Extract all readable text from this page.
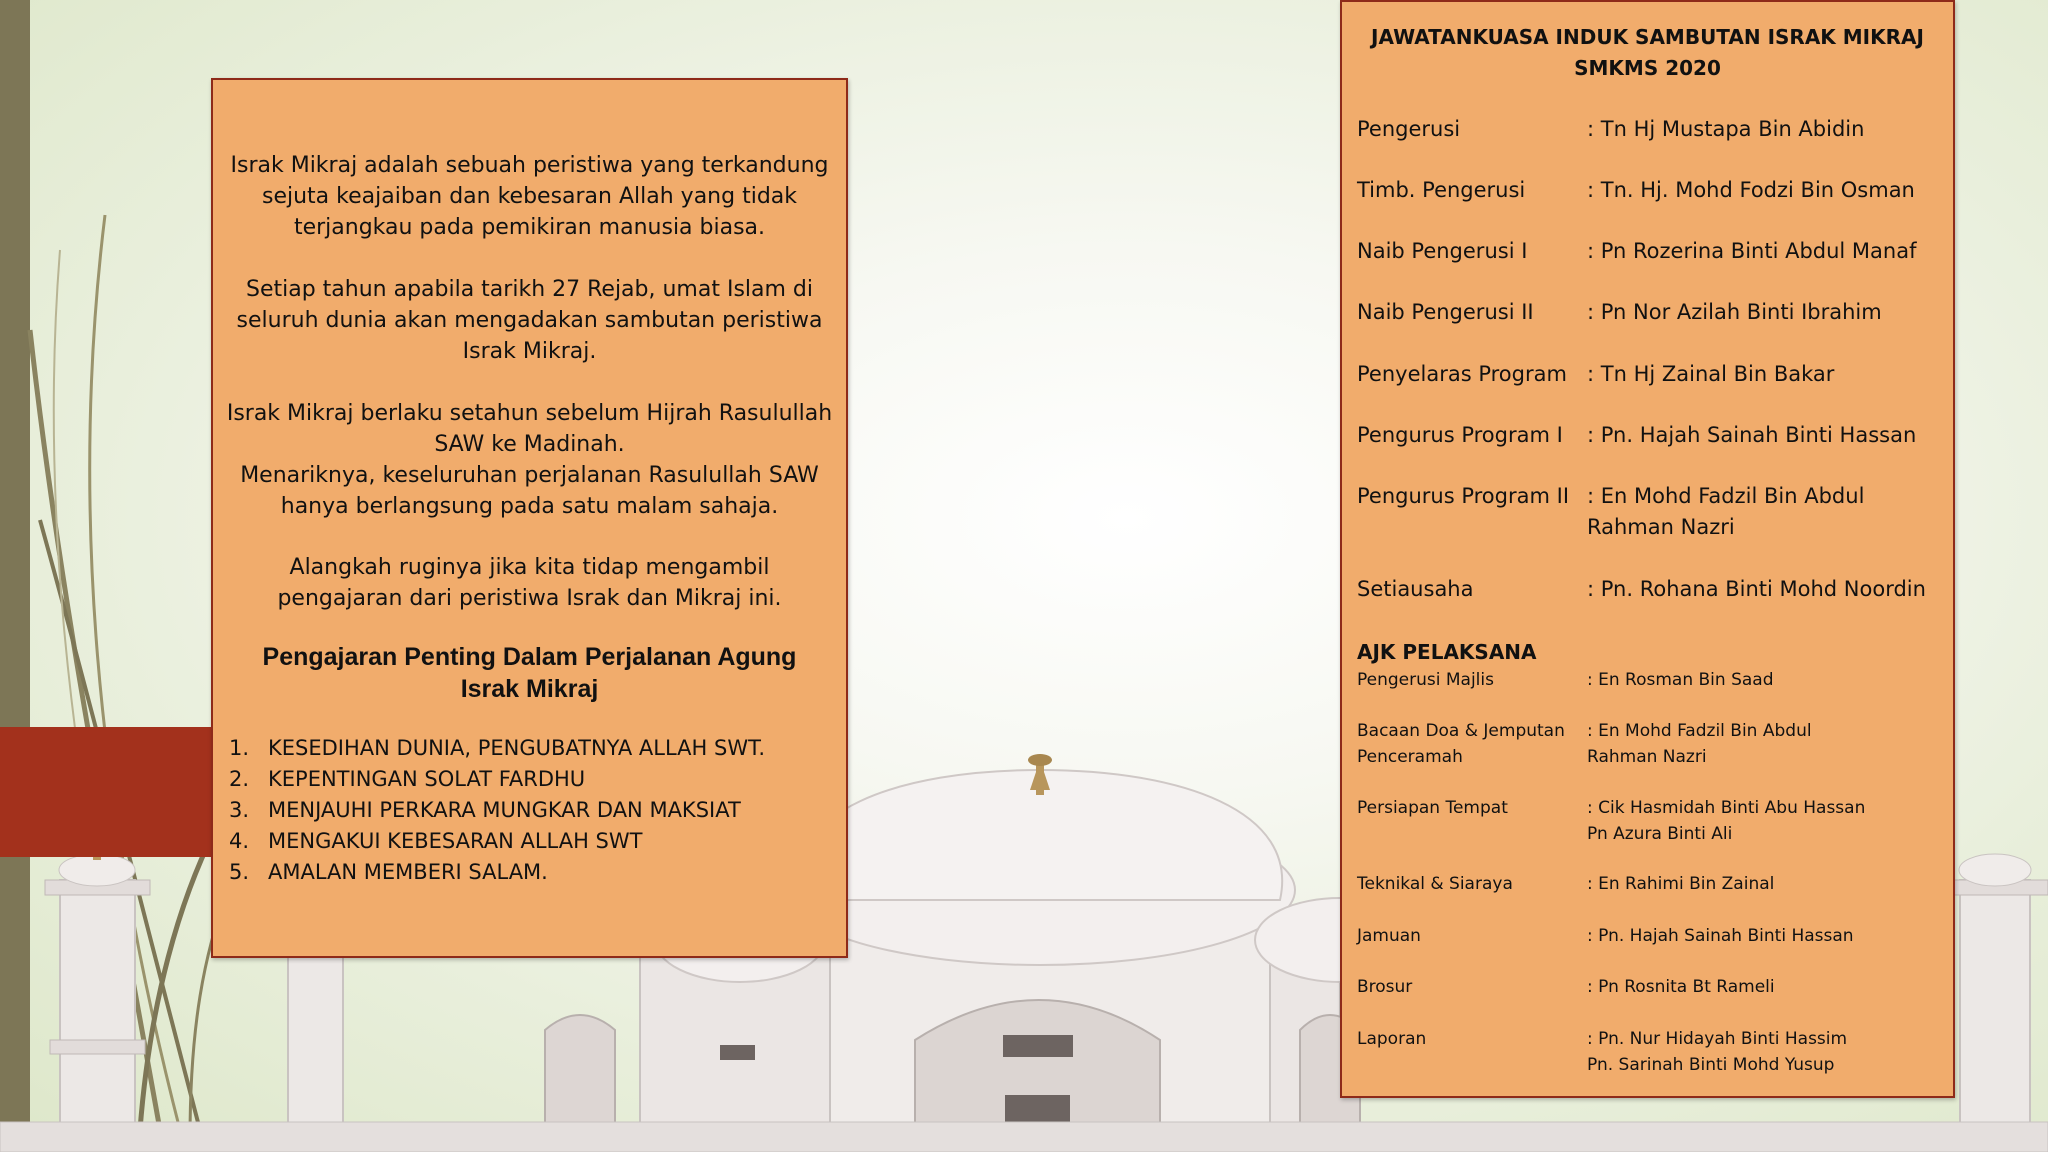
Israk Mikraj adalah sebuah peristiwa yang terkandung sejuta keajaiban dan kebesaran Allah yang tidak terjangkau pada pemikiran manusia biasa.
Setiap tahun apabila tarikh 27 Rejab, umat Islam di seluruh dunia akan mengadakan sambutan peristiwa Israk Mikraj.
Israk Mikraj berlaku setahun sebelum Hijrah Rasulullah SAW ke Madinah.
Menariknya, keseluruhan perjalanan Rasulullah SAW hanya berlangsung pada satu malam sahaja.
Alangkah ruginya jika kita tidap mengambil pengajaran dari peristiwa Israk dan Mikraj ini.
Pengajaran Penting Dalam Perjalanan Agung Israk Mikraj
1. KESEDIHAN DUNIA, PENGUBATNYA ALLAH SWT.
2. KEPENTINGAN SOLAT FARDHU
3. MENJAUHI PERKARA MUNGKAR DAN MAKSIAT
4. MENGAKUI KEBESARAN ALLAH SWT
5. AMALAN MEMBERI SALAM.
JAWATANKUASA INDUK SAMBUTAN ISRAK MIKRAJ SMKMS 2020
Pengerusi	: Tn Hj Mustapa Bin Abidin
Timb. Pengerusi	: Tn. Hj. Mohd Fodzi Bin Osman
Naib Pengerusi I	: Pn Rozerina Binti Abdul Manaf
Naib Pengerusi II	: Pn Nor Azilah Binti Ibrahim
Penyelaras Program : Tn Hj Zainal Bin Bakar
Pengurus Program I	: Pn. Hajah Sainah Binti Hassan
Pengurus Program II : En Mohd Fadzil Bin Abdul
Rahman Nazri
Setiausaha	: Pn. Rohana Binti Mohd Noordin
AJK PELAKSANA
Pengerusi Majlis	: En Rosman Bin Saad
Bacaan Doa & Jemputan
Penceramah
: En Mohd Fadzil Bin Abdul
Rahman Nazri
Persiapan Tempat	: Cik Hasmidah Binti Abu Hassan
Pn Azura Binti Ali
Teknikal & Siaraya	: En Rahimi Bin Zainal
Jamuan	: Pn. Hajah Sainah Binti Hassan
Brosur	: Pn Rosnita Bt Rameli
Laporan	: Pn. Nur Hidayah Binti Hassim
Pn. Sarinah Binti Mohd Yusup
